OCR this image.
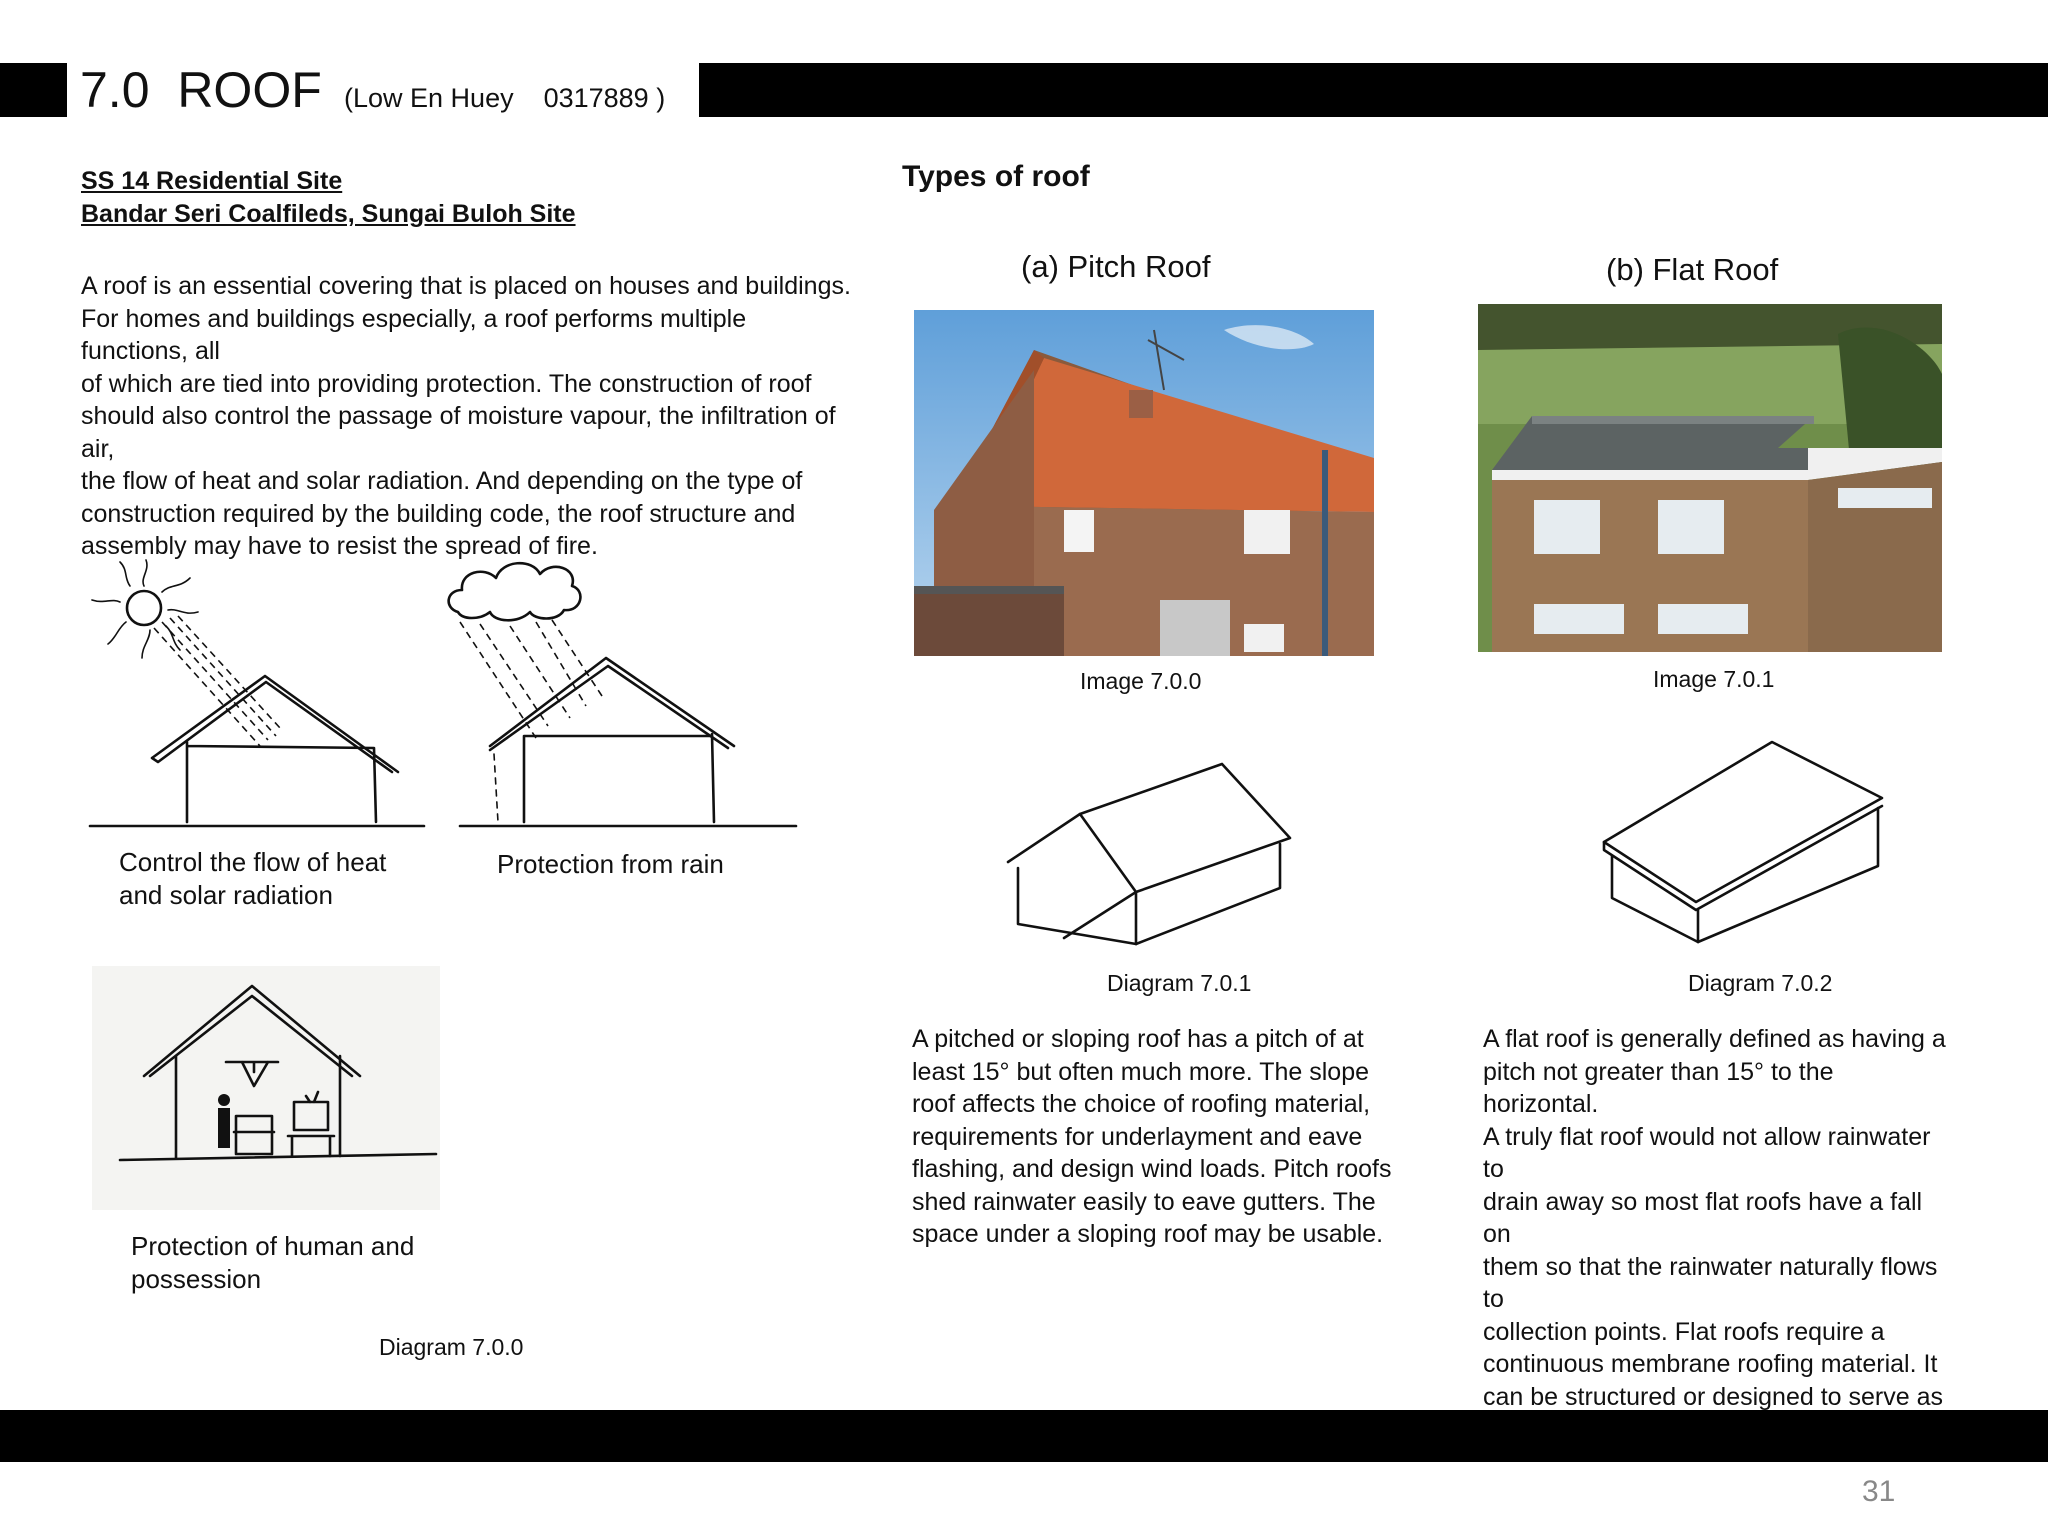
7.0 ROOF (Low En Huey    0317889 )
SS 14 Residential Site
Bandar Seri Coalfileds, Sungai Buloh Site
A roof is an essential covering that is placed on houses and buildings.
For homes and buildings especially, a roof performs multiple functions, all
of which are tied into providing protection. The construction of roof
should also control the passage of moisture vapour, the infiltration of air,
the flow of heat and solar radiation. And depending on the type of
construction required by the building code, the roof structure and
assembly may have to resist the spread of fire.
Control the flow of heat
and solar radiation
Protection from rain
Protection of human and
possession
Diagram 7.0.0
Types of roof
(a) Pitch Roof	(b) Flat Roof
Image 7.0.0	Image 7.0.1
Diagram 7.0.1	Diagram 7.0.2
A pitched or sloping roof has a pitch of at
least 15° but often much more. The slope
roof affects the choice of roofing material,
requirements for underlayment and eave
flashing, and design wind loads. Pitch roofs
shed rainwater easily to eave gutters. The
space under a sloping roof may be usable.
A flat roof is generally defined as having a
pitch not greater than 15° to the horizontal.
A truly flat roof would not allow rainwater to
drain away so most flat roofs have a fall on
them so that the rainwater naturally flows to
collection points. Flat roofs require a
continuous membrane roofing material. It
can be structured or designed to serve as
31
